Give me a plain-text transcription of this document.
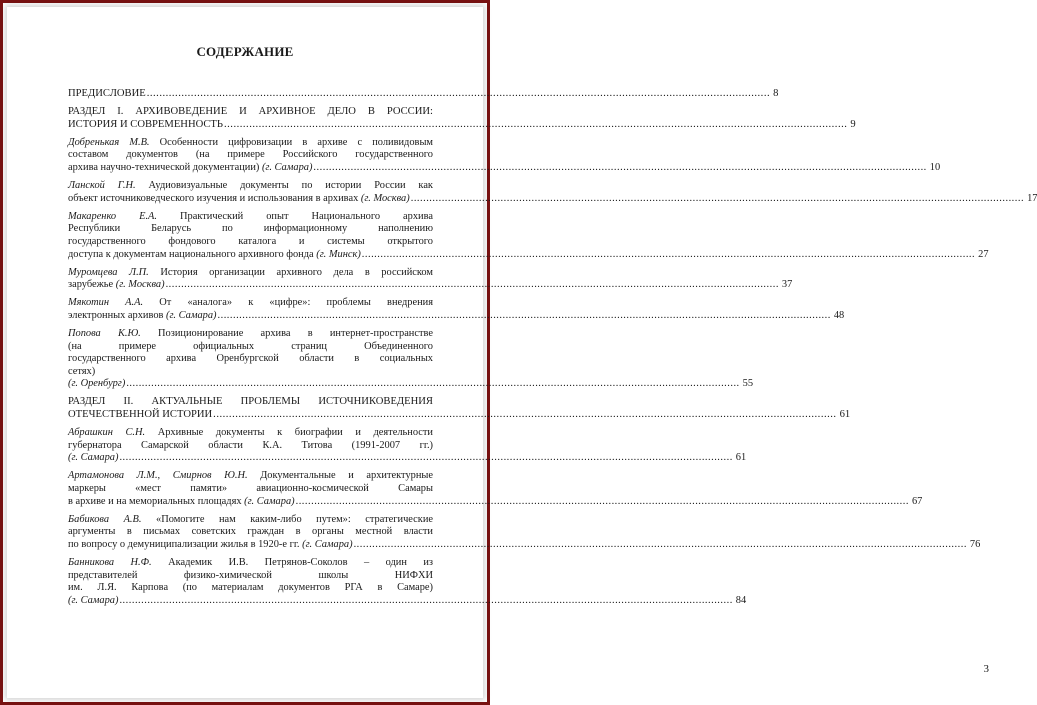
СОДЕРЖАНИЕ
ПРЕДИСЛОВИЕ .....	8
РАЗДЕЛ I. АРХИВОВЕДЕНИЕ И АРХИВНОЕ ДЕЛО В РОССИИ:
ИСТОРИЯ И СОВРЕМЕННОСТЬ .....	9
Добренькая М.В. Особенности цифровизации в архиве с поливидовым
составом документов (на примере Российского государственного
архива научно-технической документации) (г. Самара) .....	10
Ланской Г.Н. Аудиовизуальные документы по истории России как
объект источниковедческого изучения и использования в архивах (г. Москва) .....	17
Макаренко Е.А. Практический опыт Национального архива
Республики Беларусь по информационному наполнению
государственного фондового каталога и системы открытого
доступа к документам национального архивного фонда (г. Минск) .....	27
Муромцева Л.П. История организации архивного дела в российском
зарубежье (г. Москва) .....	37
Мякотин А.А. От «аналога» к «цифре»: проблемы внедрения
электронных архивов (г. Самара) .....	48
Попова К.Ю. Позиционирование архива в интернет-пространстве
(на примере официальных страниц Объединенного
государственного архива Оренбургской области в социальных
сетях)
(г. Оренбург) .....	55
РАЗДЕЛ II. АКТУАЛЬНЫЕ ПРОБЛЕМЫ ИСТОЧНИКОВЕДЕНИЯ
ОТЕЧЕСТВЕННОЙ ИСТОРИИ .....	61
Абрашкин С.Н. Архивные документы к биографии и деятельности
губернатора Самарской области К.А. Титова (1991-2007 гг.)
(г. Самара) .....	61
Артамонова Л.М., Смирнов Ю.Н. Документальные и архитектурные
маркеры «мест памяти» авиационно-космической Самары
в архиве и на мемориальных площадях (г. Самара) .....	67
Бабикова А.В. «Помогите нам каким-либо путем»: стратегические
аргументы в письмах советских граждан в органы местной власти
по вопросу о демуниципализации жилья в 1920-е гг. (г. Самара) .....	76
Банникова Н.Ф. Академик И.В. Петрянов-Соколов – один из
представителей физико-химической школы НИФХИ
им. Л.Я. Карпова (по материалам документов РГА в Самаре)
(г. Самара) .....	84
3
